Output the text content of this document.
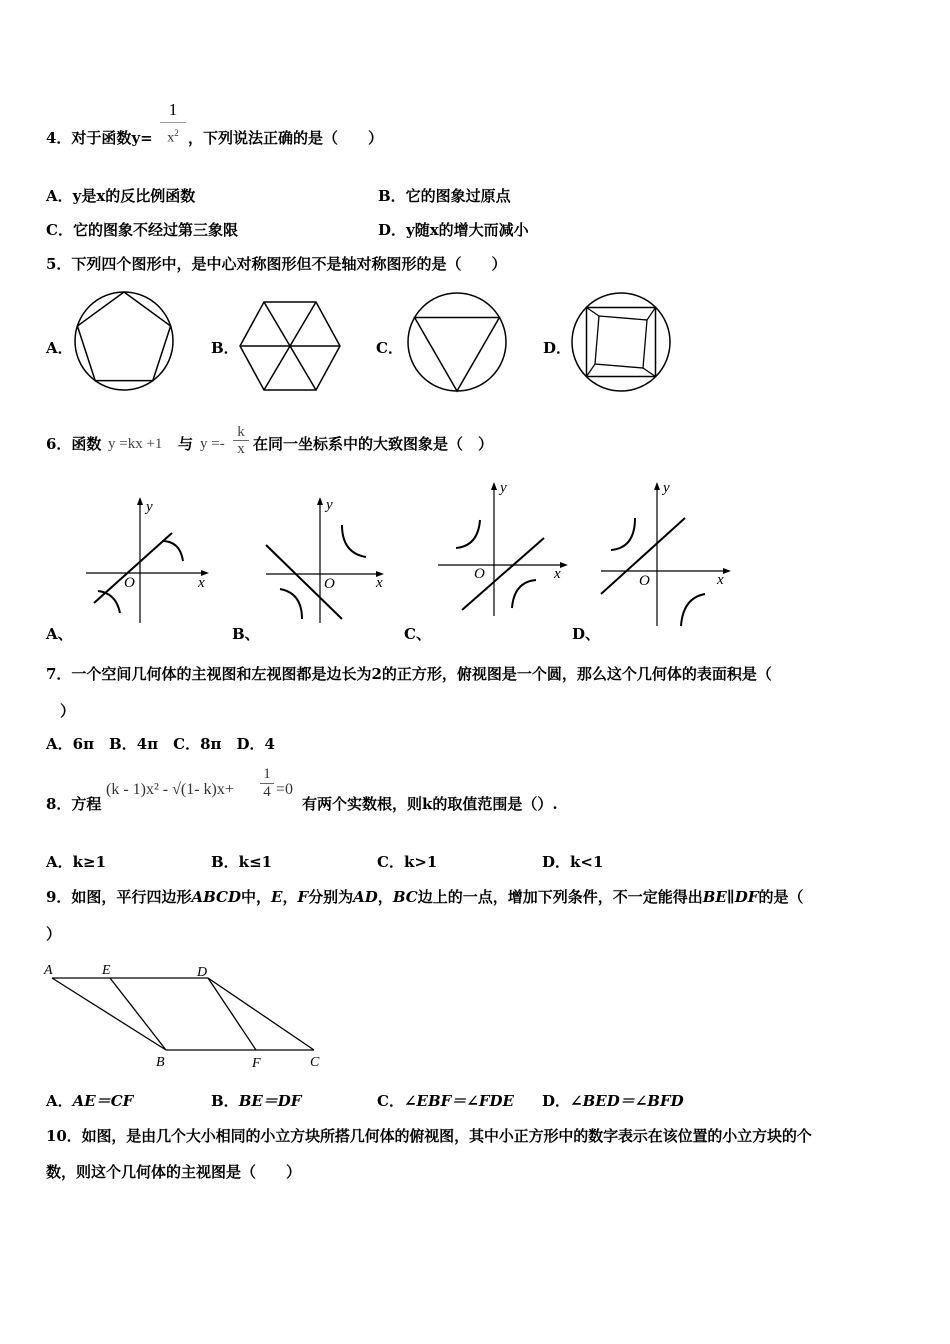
4．对于函数y=
1
$x^2$ ，下列说法正确的是（　　）
A．y是x的反比例函数	B．它的图象过原点
C．它的图象不经过第三象限	D．y随x的增大而减小
5．下列四个图形中，是中心对称图形但不是轴对称图形的是（　　）
A．	B．	C．	D．
6．函数 y =kx +1 与 y =-
k
x 在同一坐标系中的大致图象是（　）
y
x
O
y
x
O
y
x
O
y
x
O
A、	B、	C、	D、
7．一个空间几何体的主视图和左视图都是边长为2的正方形，俯视图是一个圆，那么这个几何体的表面积是（
）
A．6π　B．4π　C．8π　D．4
8．方程
(k - 1)x² - √(1- k)x+
1
4 =0
有两个实数根，则k的取值范围是（）.
A．k≥1	B．k≤1	C．k>1	D．k<1
9．如图，平行四边形ABCD中，E，F分别为AD，BC边上的一点，增加下列条件，不一定能得出BE∥DF的是（
）
A	E	D
B	F	C
A．AE＝CF	B．BE＝DF	C．∠EBF＝∠FDE D．∠BED＝∠BFD
10．如图，是由几个大小相同的小立方块所搭几何体的俯视图，其中小正方形中的数字表示在该位置的小立方块的个
数，则这个几何体的主视图是（　　）
